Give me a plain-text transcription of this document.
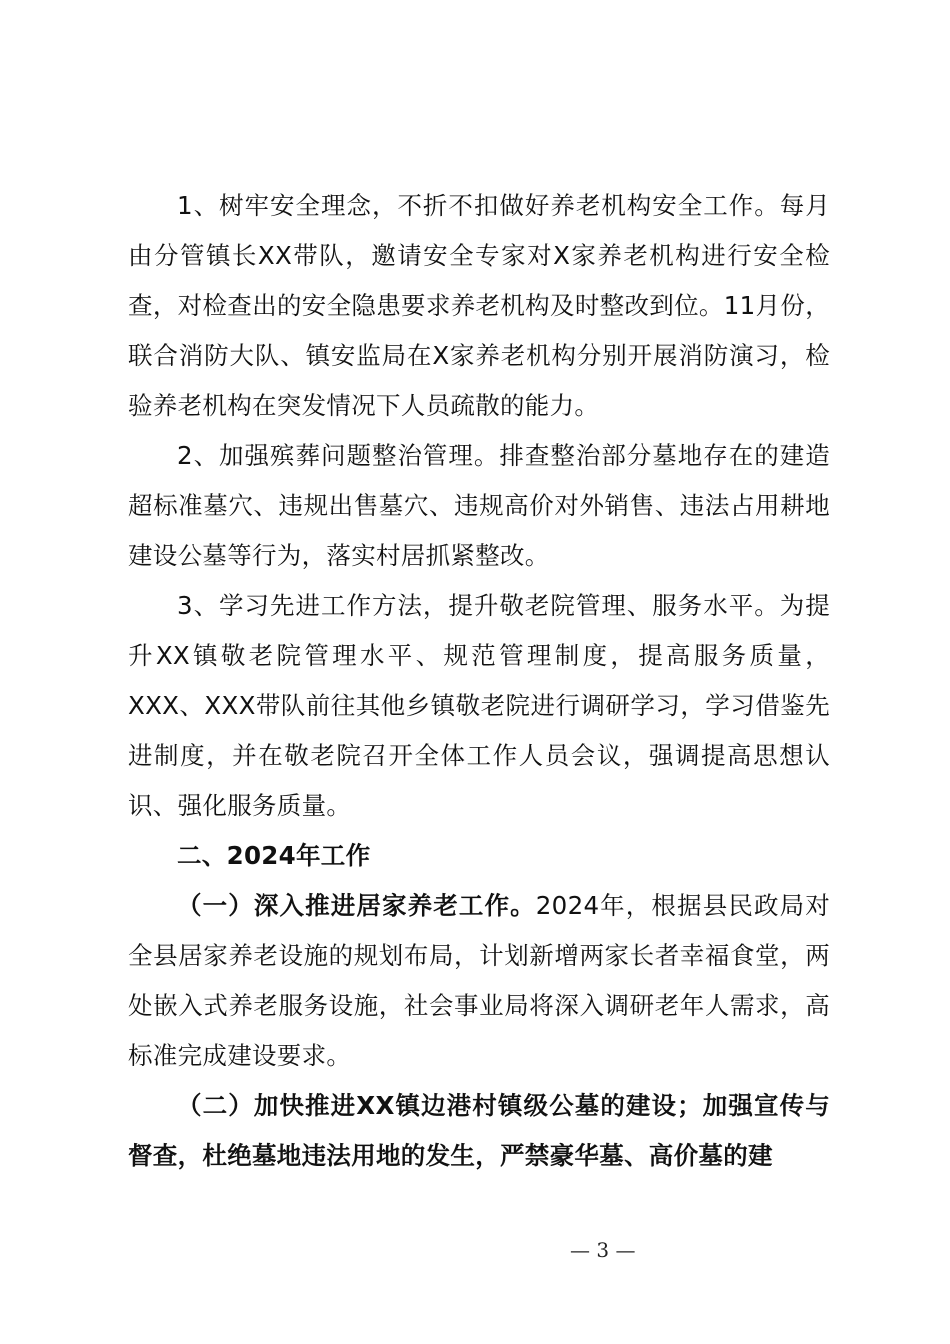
1、树牢安全理念，不折不扣做好养老机构安全工作。每月由分管镇长XX带队，邀请安全专家对X家养老机构进行安全检查，对检查出的安全隐患要求养老机构及时整改到位。11月份，联合消防大队、镇安监局在X家养老机构分别开展消防演习，检验养老机构在突发情况下人员疏散的能力。

2、加强殡葬问题整治管理。排查整治部分墓地存在的建造超标准墓穴、违规出售墓穴、违规高价对外销售、违法占用耕地建设公墓等行为，落实村居抓紧整改。

3、学习先进工作方法，提升敬老院管理、服务水平。为提升XX镇敬老院管理水平、规范管理制度，提高服务质量，XXX、XXX带队前往其他乡镇敬老院进行调研学习，学习借鉴先进制度，并在敬老院召开全体工作人员会议，强调提高思想认识、强化服务质量。

二、2024年工作

（一）深入推进居家养老工作。2024年，根据县民政局对全县居家养老设施的规划布局，计划新增两家长者幸福食堂，两处嵌入式养老服务设施，社会事业局将深入调研老年人需求，高标准完成建设要求。

（二）加快推进XX镇边港村镇级公墓的建设；加强宣传与督查，杜绝墓地违法用地的发生，严禁豪华墓、高价墓的建

— 3 —
